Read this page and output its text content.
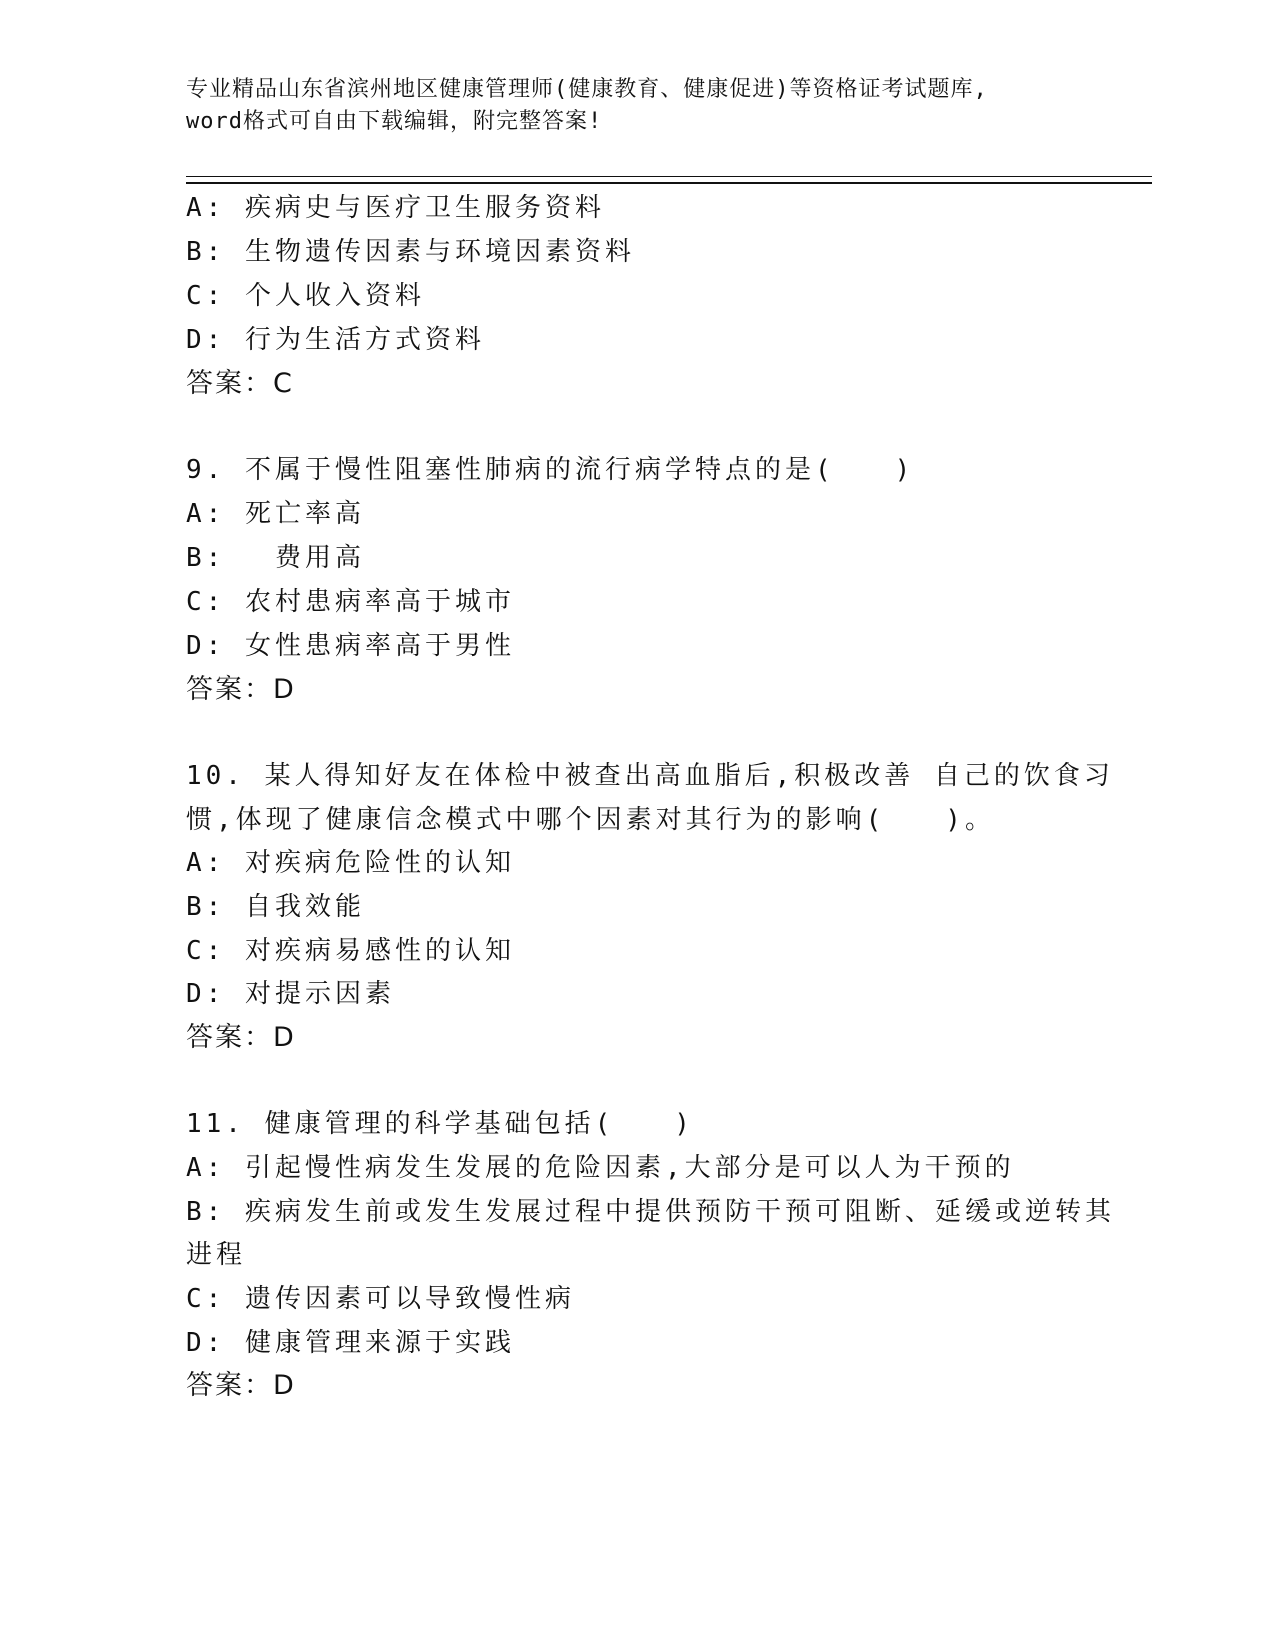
专业精品山东省滨州地区健康管理师(健康教育、健康促进)等资格证考试题库,
word格式可自由下载编辑，附完整答案!
A: 疾病史与医疗卫生服务资料
B: 生物遗传因素与环境因素资料
C: 个人收入资料
D: 行为生活方式资料
答案：C
9. 不属于慢性阻塞性肺病的流行病学特点的是(　　)
A: 死亡率高
B: 　费用高
C: 农村患病率高于城市
D: 女性患病率高于男性
答案：D
10. 某人得知好友在体检中被查出高血脂后,积极改善 自己的饮食习
惯,体现了健康信念模式中哪个因素对其行为的影响(　　)。
A: 对疾病危险性的认知
B: 自我效能
C: 对疾病易感性的认知
D: 对提示因素
答案：D
11. 健康管理的科学基础包括(　　)
A: 引起慢性病发生发展的危险因素,大部分是可以人为干预的
B: 疾病发生前或发生发展过程中提供预防干预可阻断、延缓或逆转其
进程
C: 遗传因素可以导致慢性病
D: 健康管理来源于实践
答案：D
